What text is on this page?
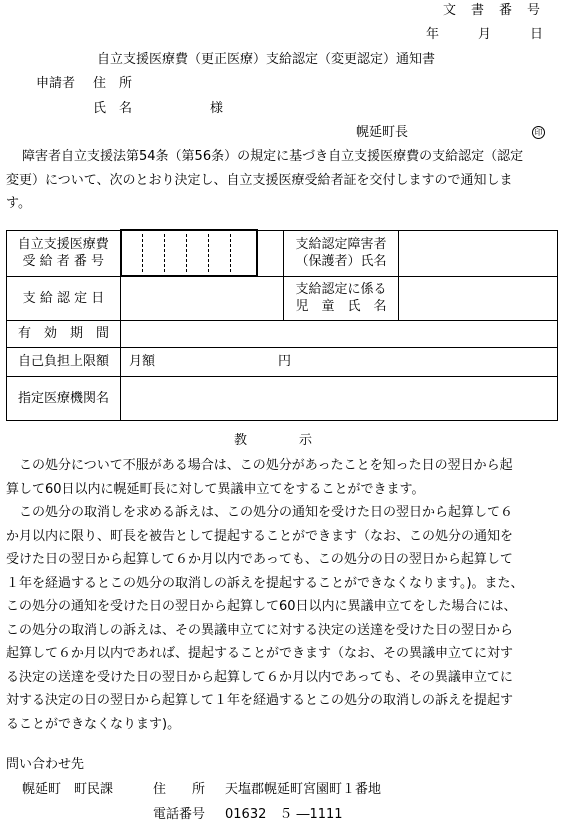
文　書　番　号
年　　　月　　　日
自立支援医療費（更正医療）支給認定（変更認定）通知書
申請者 住　所
氏　名	様
幌延町長	印
障害者自立支援法第54条（第56条）の規定に基づき自立支援医療費の支給認定（認定
変更）について、次のとおり決定し、自立支援医療受給者証を交付しますので通知しま
す。
自立支援医療費
受 給 者 番 号			支給認定障害者
（保護者）氏名	

支 給 認 定 日			支給認定に係る
児　童　氏　名	

有　効　期　間				
自己負担上限額	月額 円			

指定医療機関名				
教　　　　示
　この処分について不服がある場合は、この処分があったことを知った日の翌日から起
算して60日以内に幌延町長に対して異議申立てをすることができます。
　この処分の取消しを求める訴えは、この処分の通知を受けた日の翌日から起算して６
か月以内に限り、町長を被告として提起することができます（なお、この処分の通知を
受けた日の翌日から起算して６か月以内であっても、この処分の日の翌日から起算して
１年を経過するとこの処分の取消しの訴えを提起することができなくなります。)。また、
この処分の通知を受けた日の翌日から起算して60日以内に異議申立てをした場合には、
この処分の取消しの訴えは、その異議申立てに対する決定の送達を受けた日の翌日から
起算して６か月以内であれば、提起することができます（なお、その異議申立てに対す
る決定の送達を受けた日の翌日から起算して６か月以内であっても、その異議申立てに
対する決定の日の翌日から起算して１年を経過するとこの処分の取消しの訴えを提起す
ることができなくなります)。
問い合わせ先
幌延町　町民課	住　　所 天塩郡幌延町宮園町１番地
電話番号 01632　５ ―1111
